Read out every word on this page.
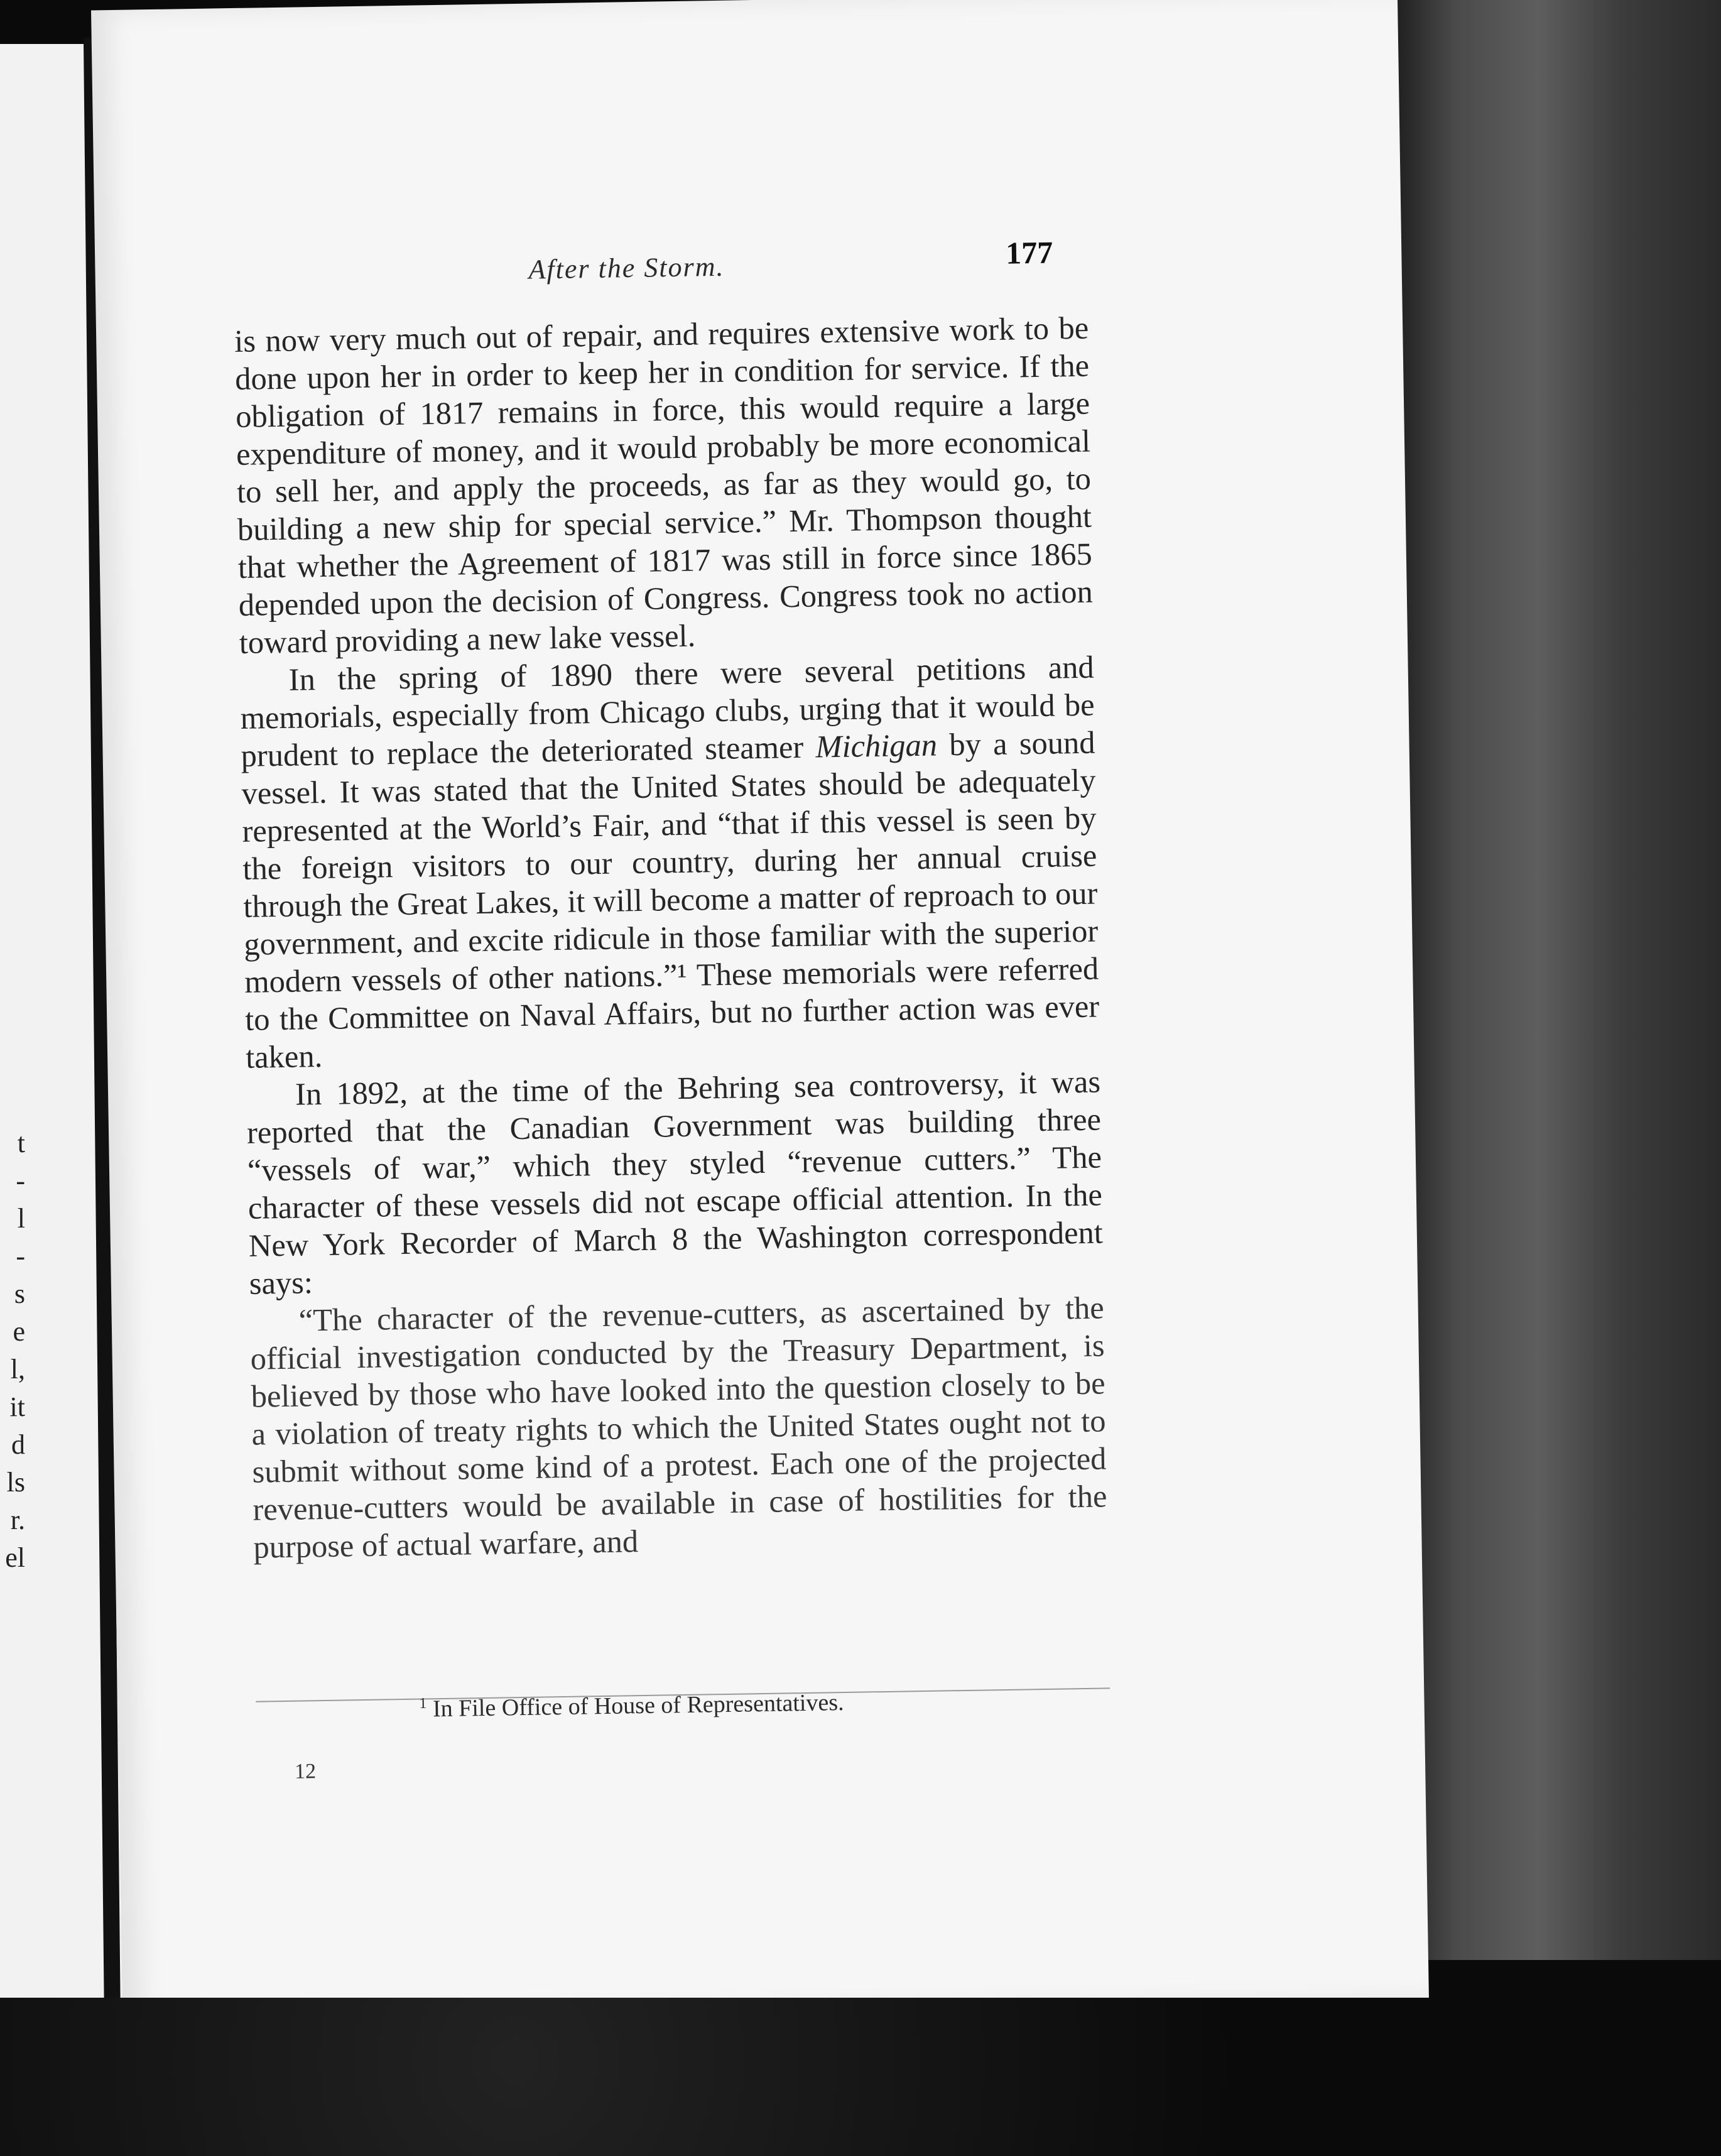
t
-
l
-
s
e
l,
it
d
ls
r.
el
After the Storm.	177

is now very much out of repair, and requires extensive work to be done upon her in order to keep her in condition for service. If the obligation of 1817 remains in force, this would require a large expenditure of money, and it would probably be more economical to sell her, and apply the proceeds, as far as they would go, to building a new ship for special service.” Mr. Thompson thought that whether the Agreement of 1817 was still in force since 1865 depended upon the decision of Congress. Congress took no action toward providing a new lake vessel.

In the spring of 1890 there were several petitions and memorials, especially from Chicago clubs, urging that it would be prudent to replace the deteriorated steamer Michigan by a sound vessel. It was stated that the United States should be adequately represented at the World’s Fair, and “that if this vessel is seen by the foreign visitors to our country, during her annual cruise through the Great Lakes, it will become a matter of reproach to our government, and excite ridicule in those familiar with the superior modern vessels of other nations.”¹ These memorials were referred to the Committee on Naval Affairs, but no further action was ever taken.

In 1892, at the time of the Behring sea controversy, it was reported that the Canadian Government was building three “vessels of war,” which they styled “revenue cutters.” The character of these vessels did not escape official attention. In the New York Recorder of March 8 the Washington correspondent says:

“The character of the revenue-cutters, as ascertained by the official investigation conducted by the Treasury Department, is believed by those who have looked into the question closely to be a violation of treaty rights to which the United States ought not to submit without some kind of a protest. Each one of the projected revenue-cutters would be available in case of hostilities for the purpose of actual warfare, and

$^1$ In File Office of House of Representatives.
12
